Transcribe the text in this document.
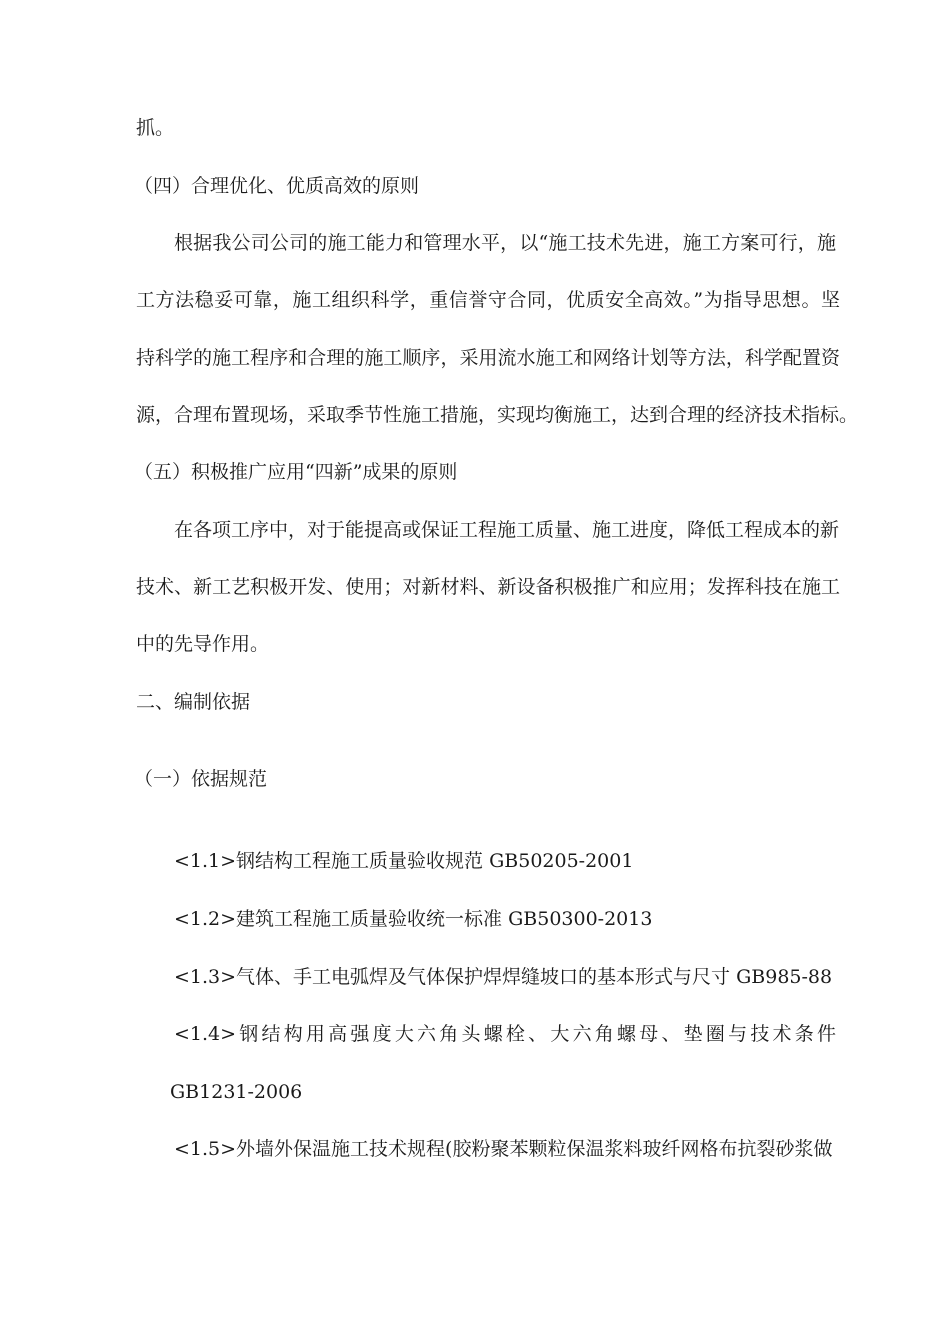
抓。
（四）合理优化、优质高效的原则
根据我公司公司的施工能力和管理水平，以“施工技术先进，施工方案可行，施
工方法稳妥可靠，施工组织科学，重信誉守合同，优质安全高效。”为指导思想。坚
持科学的施工程序和合理的施工顺序，采用流水施工和网络计划等方法，科学配置资
源，合理布置现场，采取季节性施工措施，实现均衡施工，达到合理的经济技术指标。
（五）积极推广应用“四新”成果的原则
在各项工序中，对于能提高或保证工程施工质量、施工进度，降低工程成本的新
技术、新工艺积极开发、使用；对新材料、新设备积极推广和应用；发挥科技在施工
中的先导作用。
二、编制依据
（一）依据规范
<1.1>钢结构工程施工质量验收规范 GB50205-2001
<1.2>建筑工程施工质量验收统一标准 GB50300-2013
<1.3>气体、手工电弧焊及气体保护焊焊缝坡口的基本形式与尺寸 GB985-88
<1.4>钢结构用高强度大六角头螺栓、大六角螺母、垫圈与技术条件
GB1231-2006
<1.5>外墙外保温施工技术规程(胶粉聚苯颗粒保温浆料玻纤网格布抗裂砂浆做
